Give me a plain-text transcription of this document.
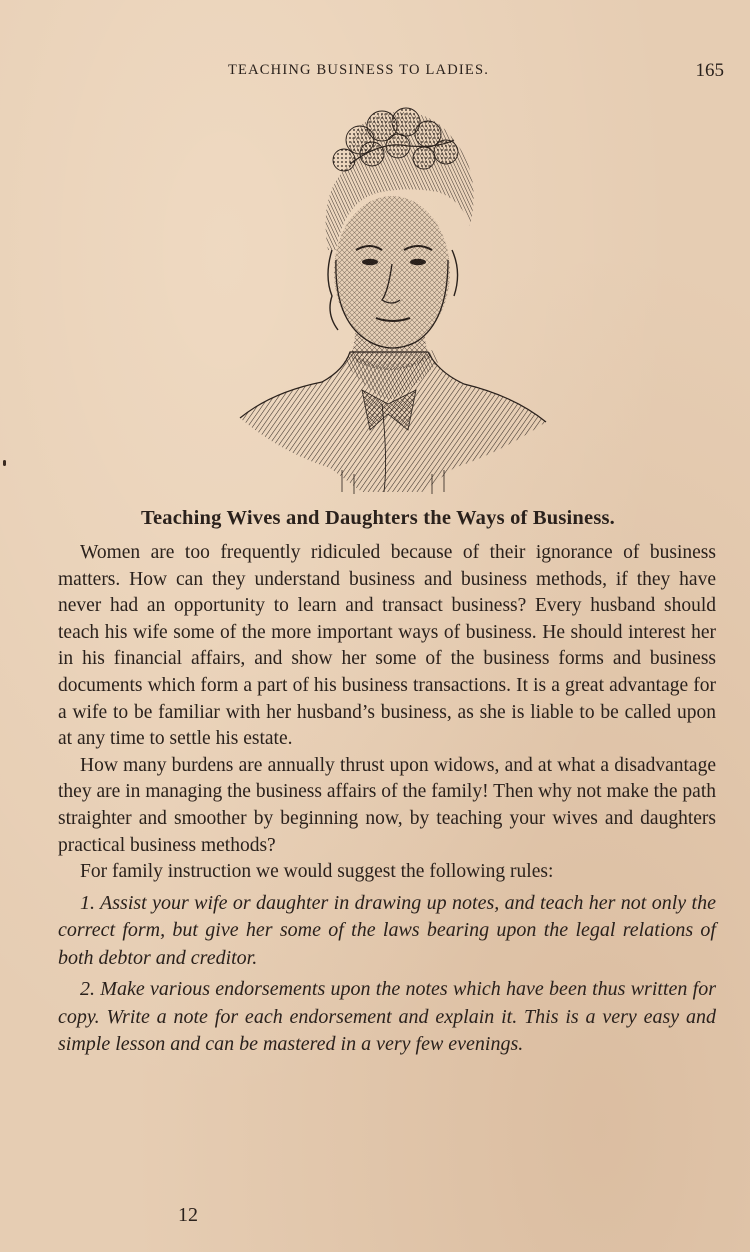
TEACHING BUSINESS TO LADIES.	165
Teaching Wives and Daughters the Ways of Business.

Women are too frequently ridiculed because of their ignorance of business matters. How can they understand business and business methods, if they have never had an opportunity to learn and transact business? Every husband should teach his wife some of the more important ways of business. He should interest her in his financial affairs, and show her some of the business forms and business documents which form a part of his business transactions. It is a great advantage for a wife to be familiar with her husband’s business, as she is liable to be called upon at any time to settle his estate.

How many burdens are annually thrust upon widows, and at what a disadvantage they are in managing the business affairs of the family! Then why not make the path straighter and smoother by beginning now, by teaching your wives and daughters practical business methods?

For family instruction we would suggest the following rules:

1. Assist your wife or daughter in drawing up notes, and teach her not only the correct form, but give her some of the laws bearing upon the legal relations of both debtor and creditor.

2. Make various endorsements upon the notes which have been thus written for copy. Write a note for each endorsement and explain it. This is a very easy and simple lesson and can be mastered in a very few evenings.

12
